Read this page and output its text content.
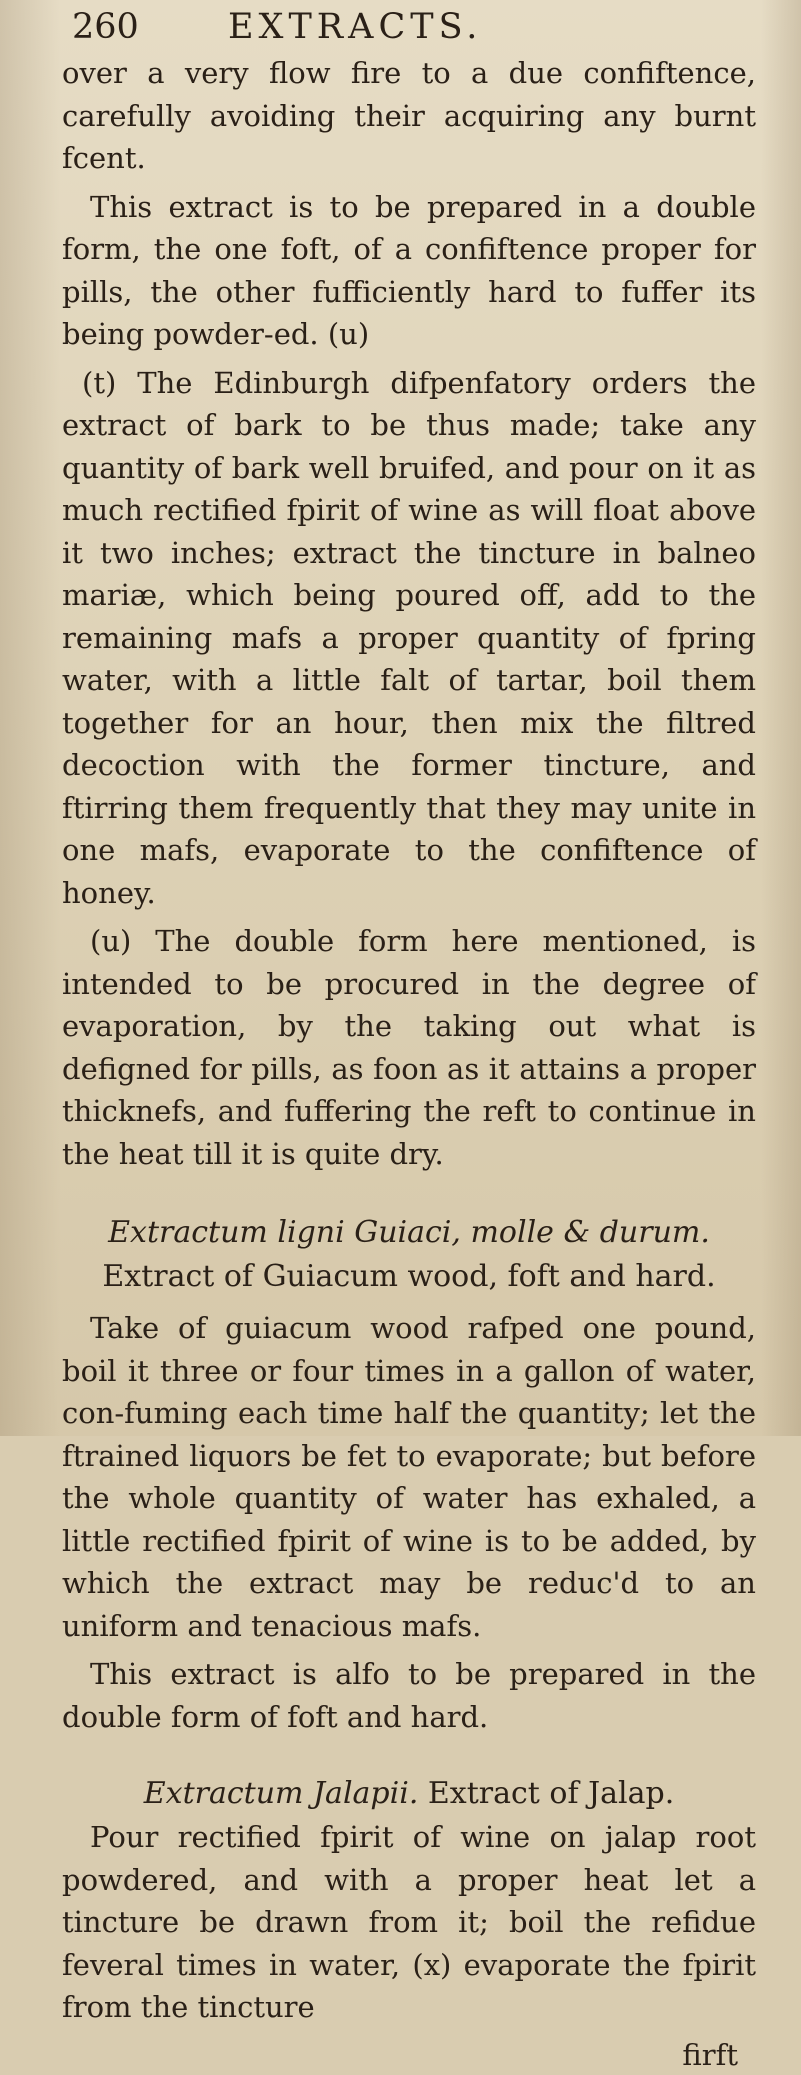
260	EXTRACTS.

over a very flow fire to a due confiftence, carefully avoiding their acquiring any burnt fcent.

This extract is to be prepared in a double form, the one foft, of a confiftence proper for pills, the other fufficiently hard to fuffer its being powder-ed. (u)

(t) The Edinburgh difpenfatory orders the extract of bark to be thus made; take any quantity of bark well bruifed, and pour on it as much rectified fpirit of wine as will float above it two inches; extract the tincture in balneo mariæ, which being poured off, add to the remaining mafs a proper quantity of fpring water, with a little falt of tartar, boil them together for an hour, then mix the filtred decoction with the former tincture, and ftirring them frequently that they may unite in one mafs, evaporate to the confiftence of honey.

(u) The double form here mentioned, is intended to be procured in the degree of evaporation, by the taking out what is defigned for pills, as foon as it attains a proper thicknefs, and fuffering the reft to continue in the heat till it is quite dry.

Extractum ligni Guiaci, molle & durum.
Extract of Guiacum wood, foft and hard.

Take of guiacum wood rafped one pound, boil it three or four times in a gallon of water, con-fuming each time half the quantity; let the ftrained liquors be fet to evaporate; but before the whole quantity of water has exhaled, a little rectified fpirit of wine is to be added, by which the extract may be reduc'd to an uniform and tenacious mafs.

This extract is alfo to be prepared in the double form of foft and hard.

Extractum Jalapii. Extract of Jalap.

Pour rectified fpirit of wine on jalap root powdered, and with a proper heat let a tincture be drawn from it; boil the refidue feveral times in water, (x) evaporate the fpirit from the tincture

firft
